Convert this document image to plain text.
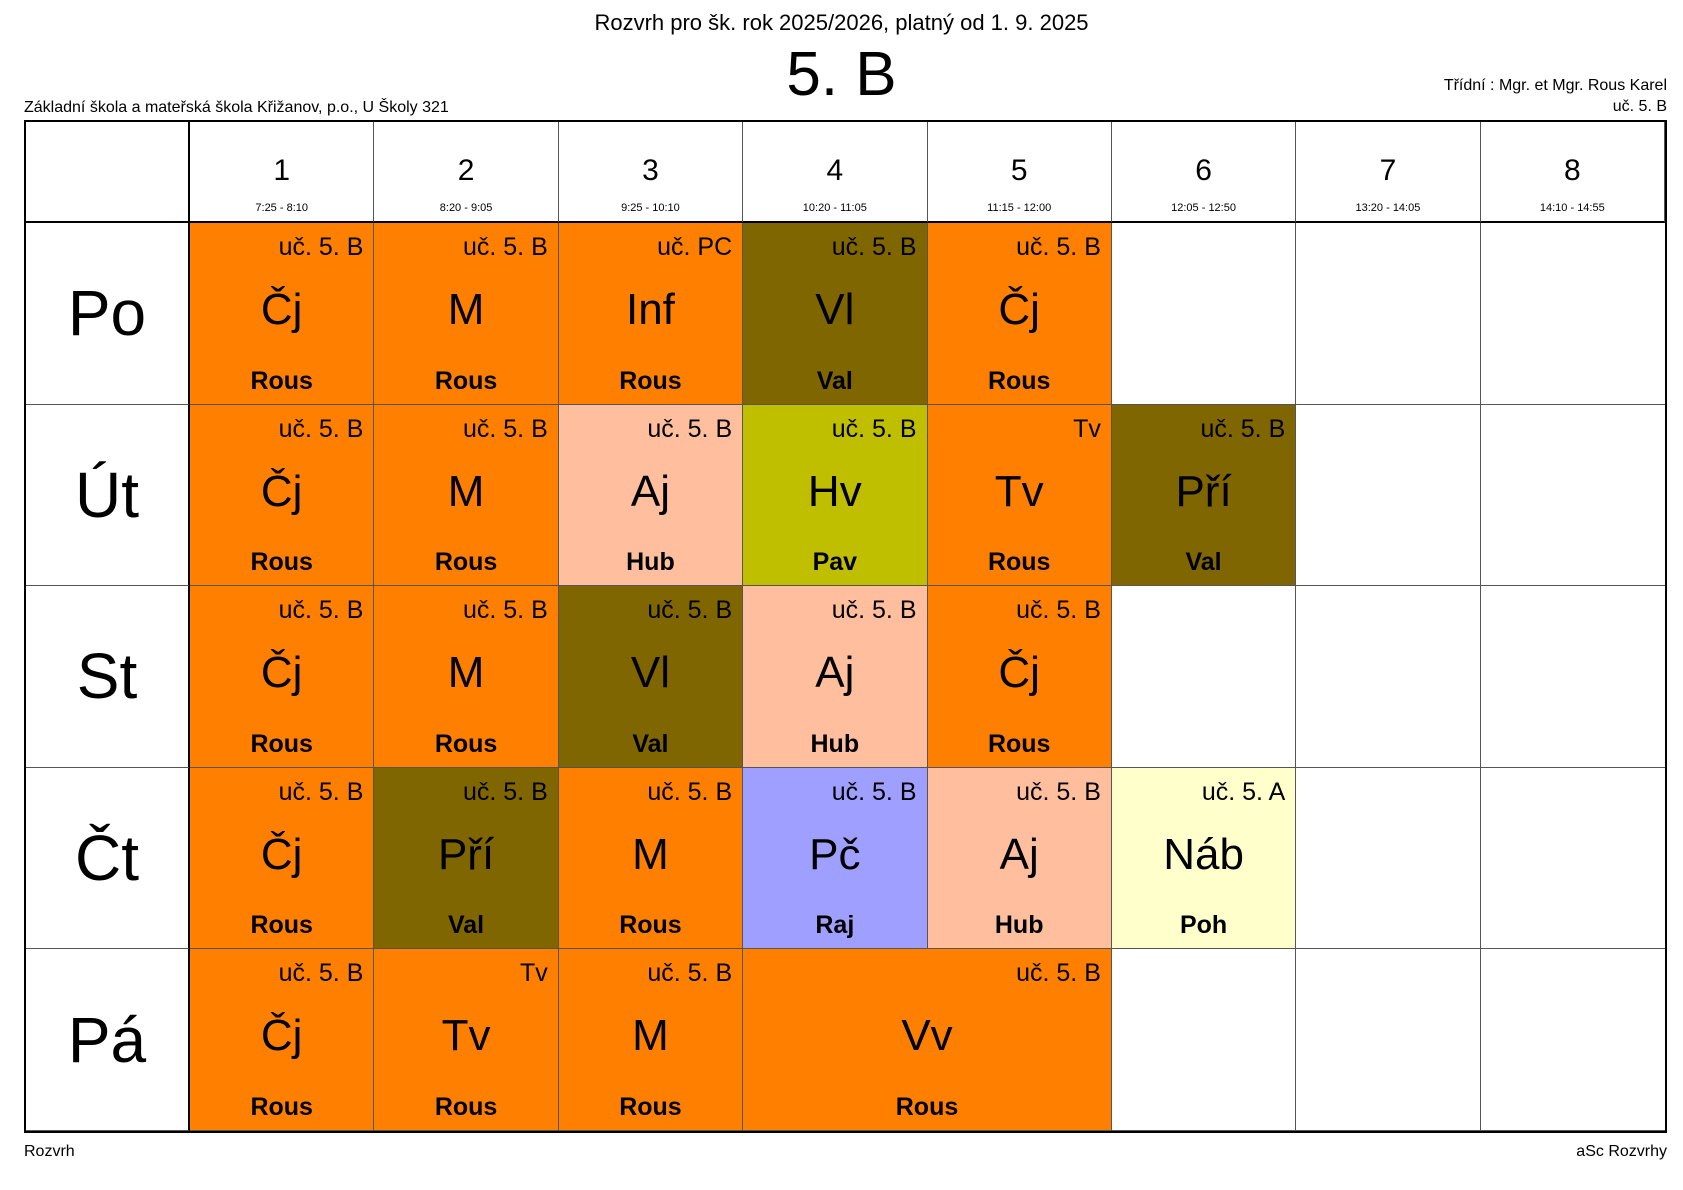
Rozvrh pro šk. rok 2025/2026, platný od 1. 9. 2025
5. B
Základní škola a mateřská škola Křižanov, p.o., U Školy 321
Třídní : Mgr. et Mgr. Rous Karel
uč. 5. B
1
7:25 - 8:10
2
8:20 - 9:05
3
9:25 - 10:10
4
10:20 - 11:05
5
11:15 - 12:00
6
12:05 - 12:50
7
13:20 - 14:05
8
14:10 - 14:55
Po
uč. 5. B
Čj
Rous
uč. 5. B
M
Rous
uč. PC
Inf
Rous
uč. 5. B
Vl
Val
uč. 5. B
Čj
Rous
Út
uč. 5. B
Čj
Rous
uč. 5. B
M
Rous
uč. 5. B
Aj
Hub
uč. 5. B
Hv
Pav
Tv
Tv
Rous
uč. 5. B
Pří
Val
St
uč. 5. B
Čj
Rous
uč. 5. B
M
Rous
uč. 5. B
Vl
Val
uč. 5. B
Aj
Hub
uč. 5. B
Čj
Rous
Čt
uč. 5. B
Čj
Rous
uč. 5. B
Pří
Val
uč. 5. B
M
Rous
uč. 5. B
Pč
Raj
uč. 5. B
Aj
Hub
uč. 5. A
Náb
Poh
Pá
uč. 5. B
Čj
Rous
Tv
Tv
Rous
uč. 5. B
M
Rous
uč. 5. B
Vv
Rous
Rozvrh	aSc Rozvrhy
